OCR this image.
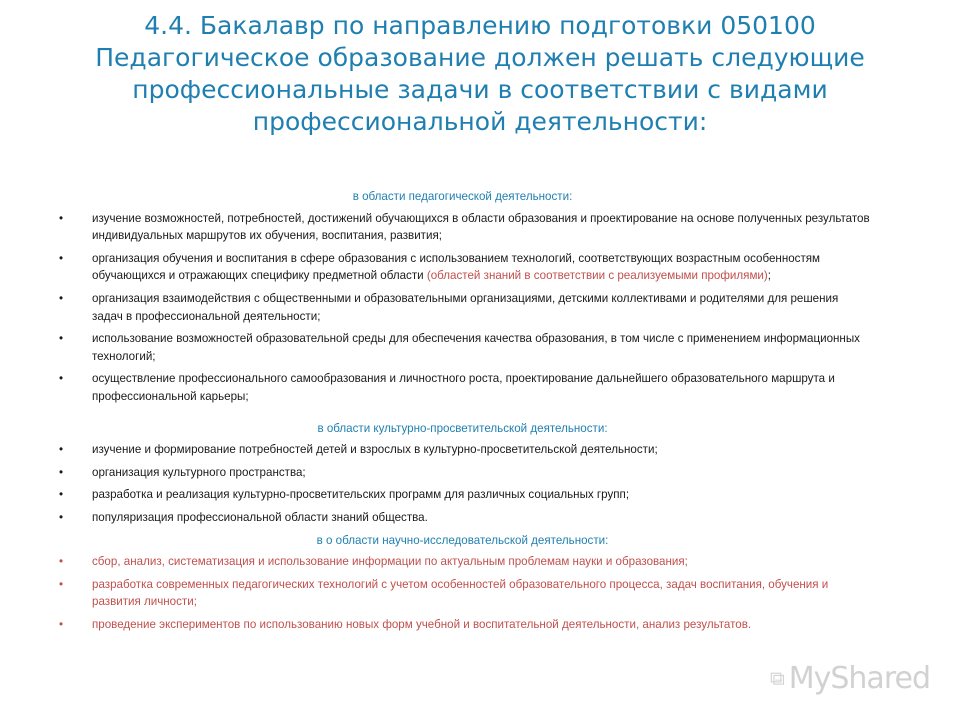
4.4. Бакалавр по направлению подготовки 050100
Педагогическое образование должен решать следующие
профессиональные задачи в соответствии с видами
профессиональной деятельности:
в области педагогической деятельности:
• изучение возможностей, потребностей, достижений обучающихся в области образования и проектирование на основе полученных результатов индивидуальных маршрутов их обучения, воспитания, развития;
• организация обучения и воспитания в сфере образования с использованием технологий, соответствующих возрастным особенностям обучающихся и отражающих специфику предметной области (областей знаний в соответствии с реализуемыми профилями);
• организация взаимодействия с общественными и образовательными организациями, детскими коллективами и родителями для решения задач в профессиональной деятельности;
• использование возможностей образовательной среды для обеспечения качества образования, в том числе с применением информационных технологий;
• осуществление профессионального самообразования и личностного роста, проектирование дальнейшего образовательного маршрута и профессиональной карьеры;
в области культурно-просветительской деятельности:
• изучение и формирование потребностей детей и взрослых в культурно-просветительской деятельности;
• организация культурного пространства;
• разработка и реализация культурно-просветительских программ для различных социальных групп;
• популяризация профессиональной области знаний общества.
в о области научно-исследовательской деятельности:
• сбор, анализ, систематизация и использование информации по актуальным проблемам науки и образования;
• разработка современных педагогических технологий с учетом особенностей образовательного процесса, задач воспитания, обучения и развития личности;
• проведение экспериментов по использованию новых форм учебной и воспитательной деятельности, анализ результатов.
MyShared
